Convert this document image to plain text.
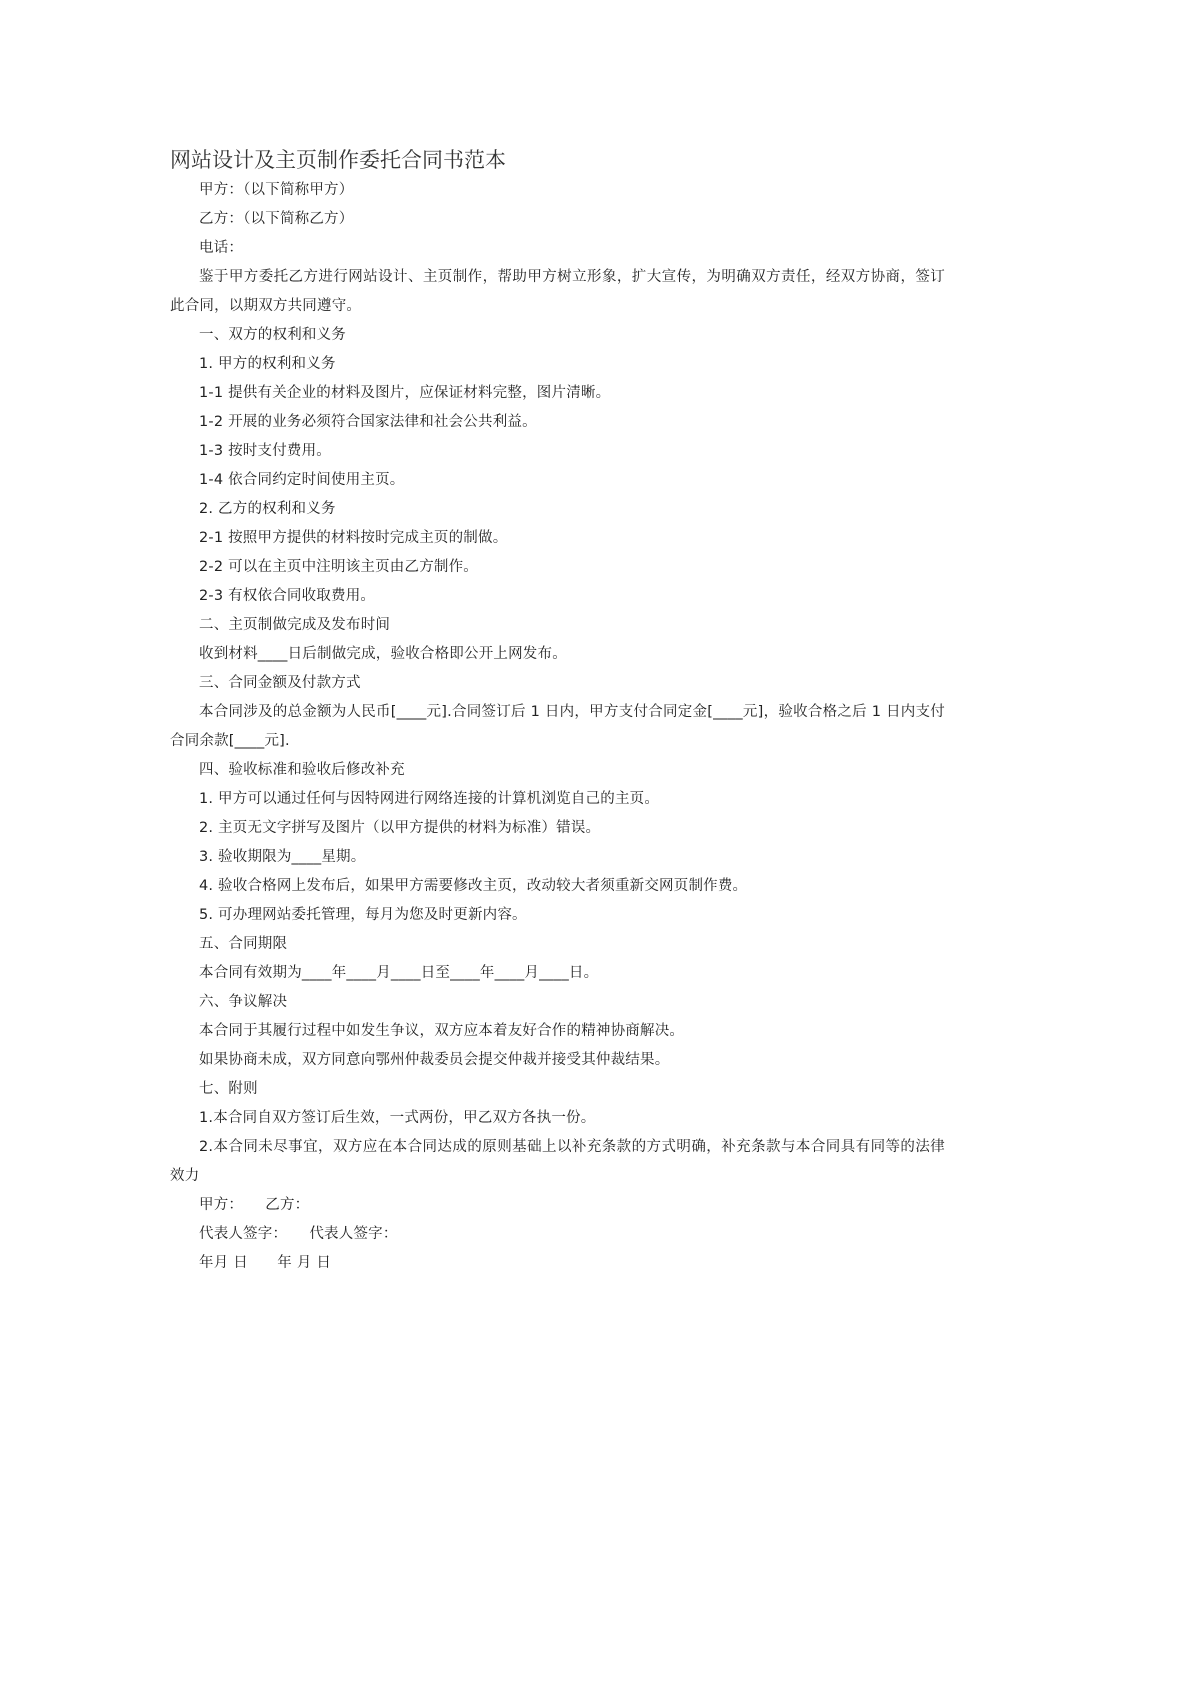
网站设计及主页制作委托合同书范本

甲方：（以下简称甲方）

乙方：（以下简称乙方）

电话：

鉴于甲方委托乙方进行网站设计、主页制作，帮助甲方树立形象，扩大宣传，为明确双方责任，经双方协商，签订此合同，以期双方共同遵守。

一、双方的权利和义务

1. 甲方的权利和义务

1-1 提供有关企业的材料及图片，应保证材料完整，图片清晰。

1-2 开展的业务必须符合国家法律和社会公共利益。

1-3 按时支付费用。

1-4 依合同约定时间使用主页。

2. 乙方的权利和义务

2-1 按照甲方提供的材料按时完成主页的制做。

2-2 可以在主页中注明该主页由乙方制作。

2-3 有权依合同收取费用。

二、主页制做完成及发布时间

收到材料____日后制做完成，验收合格即公开上网发布。

三、合同金额及付款方式

本合同涉及的总金额为人民币[____元].合同签订后 1 日内，甲方支付合同定金[____元]，验收合格之后 1 日内支付合同余款[____元].

四、验收标准和验收后修改补充

1. 甲方可以通过任何与因特网进行网络连接的计算机浏览自己的主页。

2. 主页无文字拼写及图片（以甲方提供的材料为标准）错误。

3. 验收期限为____星期。

4. 验收合格网上发布后，如果甲方需要修改主页，改动较大者须重新交网页制作费。

5. 可办理网站委托管理，每月为您及时更新内容。

五、合同期限

本合同有效期为____年____月____日至____年____月____日。

六、争议解决

本合同于其履行过程中如发生争议，双方应本着友好合作的精神协商解决。

如果协商未成，双方同意向鄂州仲裁委员会提交仲裁并接受其仲裁结果。

七、附则

1.本合同自双方签订后生效，一式两份，甲乙双方各执一份。

2.本合同未尽事宜，双方应在本合同达成的原则基础上以补充条款的方式明确，补充条款与本合同具有同等的法律效力

甲方：　　乙方：

代表人签字：　　代表人签字：

年月 日　　年 月 日
